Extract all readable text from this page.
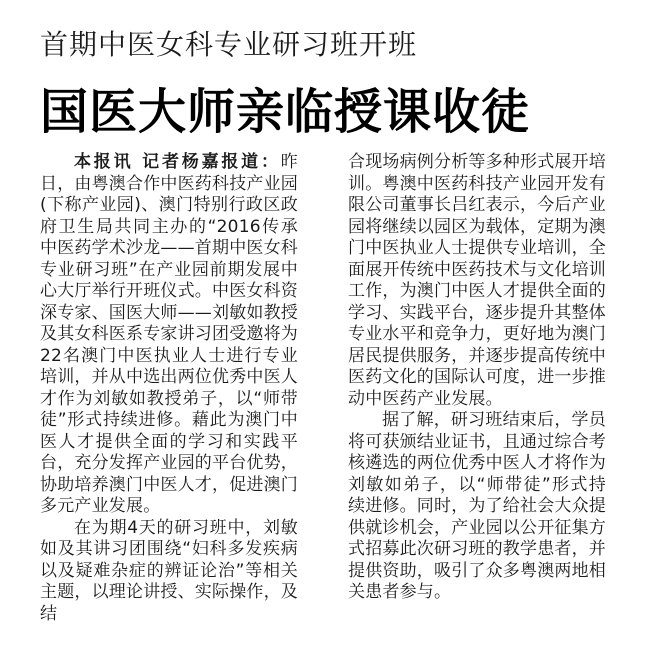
首期中医女科专业研习班开班
国医大师亲临授课收徒

本报讯 记者杨嘉报道：昨日，由粤澳合作中医药科技产业园(下称产业园)、澳门特别行政区政府卫生局共同主办的“2016传承中医药学术沙龙——首期中医女科专业研习班”在产业园前期发展中心大厅举行开班仪式。中医女科资深专家、国医大师——刘敏如教授及其女科医系专家讲习团受邀将为22名澳门中医执业人士进行专业培训，并从中选出两位优秀中医人才作为刘敏如教授弟子，以“师带徒”形式持续进修。藉此为澳门中医人才提供全面的学习和实践平台，充分发挥产业园的平台优势，协助培养澳门中医人才，促进澳门多元产业发展。

在为期4天的研习班中，刘敏如及其讲习团围绕“妇科多发疾病以及疑难杂症的辨证论治”等相关主题，以理论讲授、实际操作，及结

合现场病例分析等多种形式展开培训。粤澳中医药科技产业园开发有限公司董事长吕红表示，今后产业园将继续以园区为载体，定期为澳门中医执业人士提供专业培训，全面展开传统中医药技术与文化培训工作，为澳门中医人才提供全面的学习、实践平台，逐步提升其整体专业水平和竞争力，更好地为澳门居民提供服务，并逐步提高传统中医药文化的国际认可度，进一步推动中医药产业发展。

据了解，研习班结束后，学员将可获颁结业证书，且通过综合考核遴选的两位优秀中医人才将作为刘敏如弟子，以“师带徒”形式持续进修。同时，为了给社会大众提供就诊机会，产业园以公开征集方式招募此次研习班的教学患者，并提供资助，吸引了众多粤澳两地相关患者参与。
